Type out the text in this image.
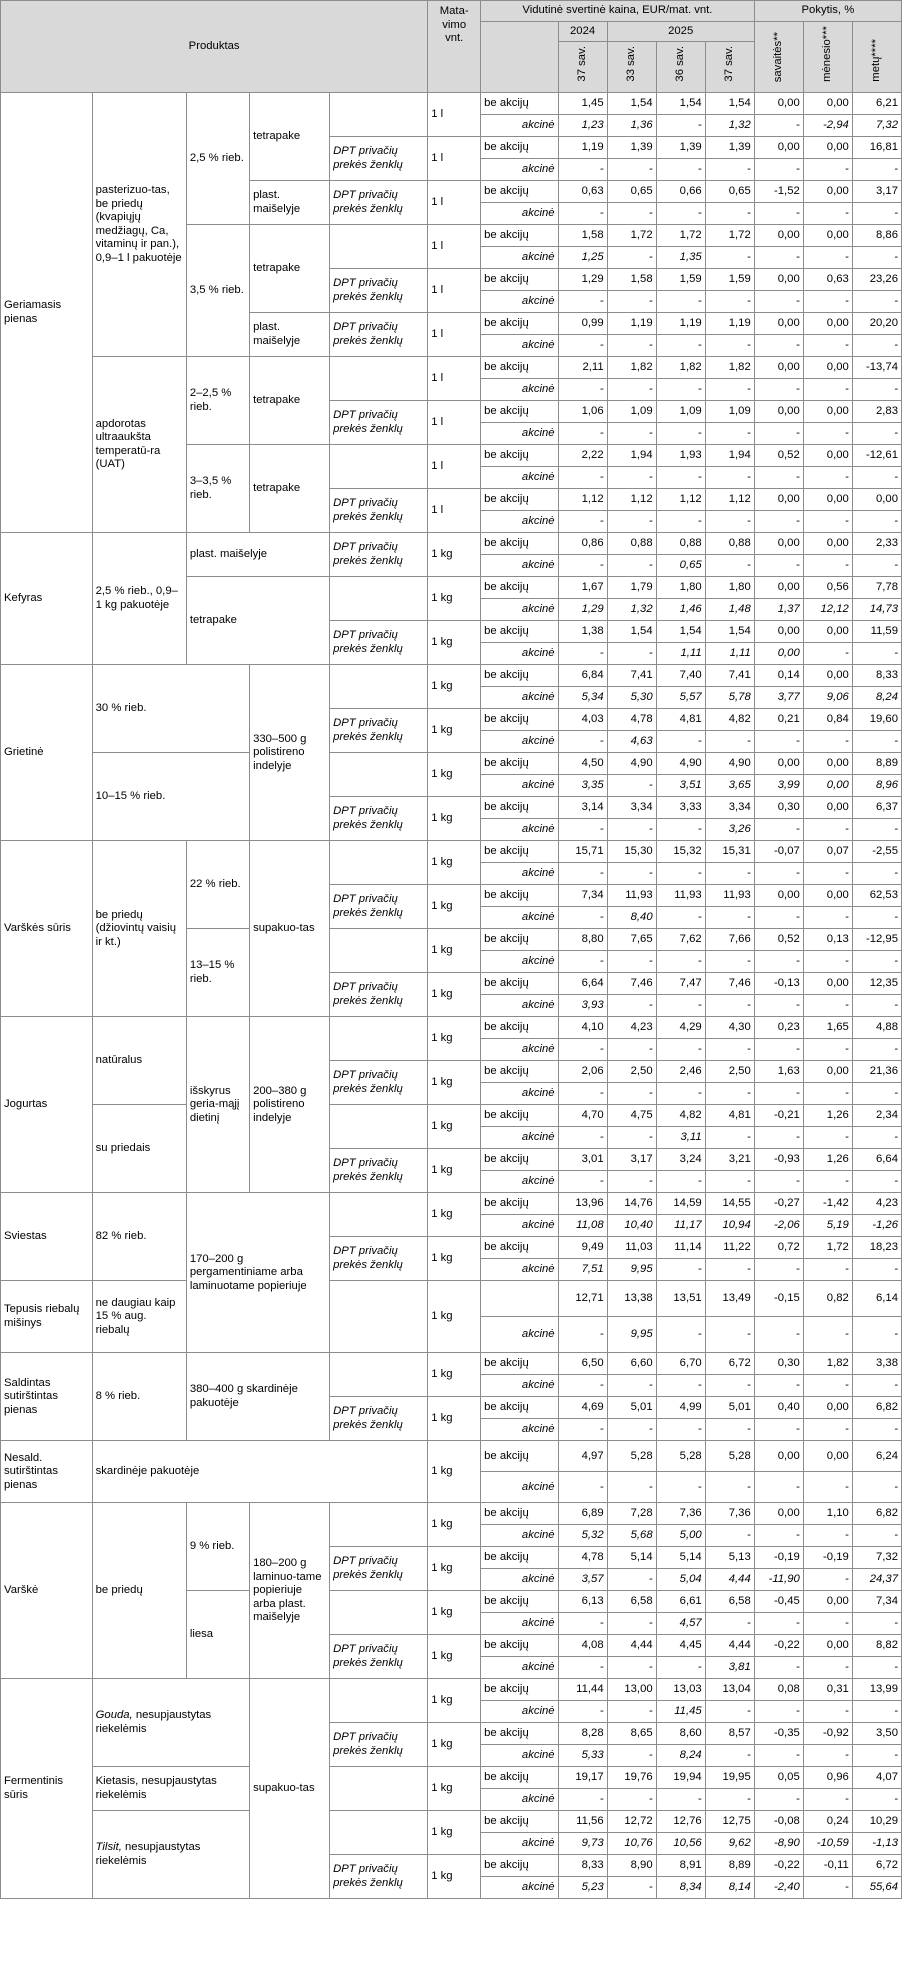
Produktas					Mata-
vimo
vnt.	Vidutinė svertinė kaina, EUR/mat. vnt.					Pokytis, %		
							2024	2025			savaitės**	mėnesio***	metų****
							37 sav.	33 sav.	36 sav.	37 sav.			
Geriamasis pienas	pasterizuo-tas, be priedų (kvapiųjų medžiagų, Ca, vitaminų ir pan.), 0,9–1 l pakuotėje	2,5 % rieb.	tetrapake		1 l	be akcijų	1,45	1,54	1,54	1,54	0,00	0,00	6,21
						akcinė	1,23	1,36	-	1,32	-	-2,94	7,32
				DPT privačių prekės ženklų	1 l	be akcijų	1,19	1,39	1,39	1,39	0,00	0,00	16,81
						akcinė	-	-	-	-	-	-	-
			plast. maišelyje	DPT privačių prekės ženklų	1 l	be akcijų	0,63	0,65	0,66	0,65	-1,52	0,00	3,17
						akcinė	-	-	-	-	-	-	-
		3,5 % rieb.	tetrapake		1 l	be akcijų	1,58	1,72	1,72	1,72	0,00	0,00	8,86
						akcinė	1,25	-	1,35	-	-	-	-
				DPT privačių prekės ženklų	1 l	be akcijų	1,29	1,58	1,59	1,59	0,00	0,63	23,26
						akcinė	-	-	-	-	-	-	-
			plast. maišelyje	DPT privačių prekės ženklų	1 l	be akcijų	0,99	1,19	1,19	1,19	0,00	0,00	20,20
						akcinė	-	-	-	-	-	-	-
	apdorotas ultraaukšta temperatū-ra (UAT)	2–2,5 % rieb.	tetrapake		1 l	be akcijų	2,11	1,82	1,82	1,82	0,00	0,00	-13,74
						akcinė	-	-	-	-	-	-	-
				DPT privačių prekės ženklų	1 l	be akcijų	1,06	1,09	1,09	1,09	0,00	0,00	2,83
						akcinė	-	-	-	-	-	-	-
		3–3,5 % rieb.	tetrapake		1 l	be akcijų	2,22	1,94	1,93	1,94	0,52	0,00	-12,61
						akcinė	-	-	-	-	-	-	-
				DPT privačių prekės ženklų	1 l	be akcijų	1,12	1,12	1,12	1,12	0,00	0,00	0,00
						akcinė	-	-	-	-	-	-	-
Kefyras	2,5 % rieb., 0,9–1 kg pakuotėje	plast. maišelyje		DPT privačių prekės ženklų	1 kg	be akcijų	0,86	0,88	0,88	0,88	0,00	0,00	2,33
						akcinė	-	-	0,65	-	-	-	-
		tetrapake			1 kg	be akcijų	1,67	1,79	1,80	1,80	0,00	0,56	7,78
						akcinė	1,29	1,32	1,46	1,48	1,37	12,12	14,73
				DPT privačių prekės ženklų	1 kg	be akcijų	1,38	1,54	1,54	1,54	0,00	0,00	11,59
						akcinė	-	-	1,11	1,11	0,00	-	-
Grietinė	30 % rieb.		330–500 g polistireno indelyje		1 kg	be akcijų	6,84	7,41	7,40	7,41	0,14	0,00	8,33
						akcinė	5,34	5,30	5,57	5,78	3,77	9,06	8,24
				DPT privačių prekės ženklų	1 kg	be akcijų	4,03	4,78	4,81	4,82	0,21	0,84	19,60
						akcinė	-	4,63	-	-	-	-	-
	10–15 % rieb.				1 kg	be akcijų	4,50	4,90	4,90	4,90	0,00	0,00	8,89
						akcinė	3,35	-	3,51	3,65	3,99	0,00	8,96
				DPT privačių prekės ženklų	1 kg	be akcijų	3,14	3,34	3,33	3,34	0,30	0,00	6,37
						akcinė	-	-	-	3,26	-	-	-
Varškės sūris	be priedų (džiovintų vaisių ir kt.)	22 % rieb.	supakuo-tas		1 kg	be akcijų	15,71	15,30	15,32	15,31	-0,07	0,07	-2,55
						akcinė	-	-	-	-	-	-	-
				DPT privačių prekės ženklų	1 kg	be akcijų	7,34	11,93	11,93	11,93	0,00	0,00	62,53
						akcinė	-	8,40	-	-	-	-	-
		13–15 % rieb.			1 kg	be akcijų	8,80	7,65	7,62	7,66	0,52	0,13	-12,95
						akcinė	-	-	-	-	-	-	-
				DPT privačių prekės ženklų	1 kg	be akcijų	6,64	7,46	7,47	7,46	-0,13	0,00	12,35
						akcinė	3,93	-	-	-	-	-	-
Jogurtas	natūralus	išskyrus geria-mąjį dietinį	200–380 g polistireno indelyje		1 kg	be akcijų	4,10	4,23	4,29	4,30	0,23	1,65	4,88
						akcinė	-	-	-	-	-	-	-
				DPT privačių prekės ženklų	1 kg	be akcijų	2,06	2,50	2,46	2,50	1,63	0,00	21,36
						akcinė	-	-	-	-	-	-	-
	su priedais				1 kg	be akcijų	4,70	4,75	4,82	4,81	-0,21	1,26	2,34
						akcinė	-	-	3,11	-	-	-	-
				DPT privačių prekės ženklų	1 kg	be akcijų	3,01	3,17	3,24	3,21	-0,93	1,26	6,64
						akcinė	-	-	-	-	-	-	-
Sviestas	82 % rieb.	170–200 g pergamentiniame arba laminuotame popieriuje			1 kg	be akcijų	13,96	14,76	14,59	14,55	-0,27	-1,42	4,23
						akcinė	11,08	10,40	11,17	10,94	-2,06	5,19	-1,26
				DPT privačių prekės ženklų	1 kg	be akcijų	9,49	11,03	11,14	11,22	0,72	1,72	18,23
						akcinė	7,51	9,95	-	-	-	-	-
Tepusis riebalų mišinys	ne daugiau kaip 15 % aug. riebalų				1 kg		12,71	13,38	13,51	13,49	-0,15	0,82	6,14
						akcinė	-	9,95	-	-	-	-	-
Saldintas sutirštintas pienas	8 % rieb.	380–400 g skardinėje pakuotėje			1 kg	be akcijų	6,50	6,60	6,70	6,72	0,30	1,82	3,38
						akcinė	-	-	-	-	-	-	-
				DPT privačių prekės ženklų	1 kg	be akcijų	4,69	5,01	4,99	5,01	0,40	0,00	6,82
						akcinė	-	-	-	-	-	-	-
Nesald. sutirštintas pienas	skardinėje pakuotėje				1 kg	be akcijų	4,97	5,28	5,28	5,28	0,00	0,00	6,24
						akcinė	-	-	-	-	-	-	-
Varškė	be priedų	9 % rieb.	180–200 g laminuo-tame popieriuje arba plast. maišelyje		1 kg	be akcijų	6,89	7,28	7,36	7,36	0,00	1,10	6,82
						akcinė	5,32	5,68	5,00	-	-	-	-
				DPT privačių prekės ženklų	1 kg	be akcijų	4,78	5,14	5,14	5,13	-0,19	-0,19	7,32
						akcinė	3,57	-	5,04	4,44	-11,90	-	24,37
		liesa			1 kg	be akcijų	6,13	6,58	6,61	6,58	-0,45	0,00	7,34
						akcinė	-	-	4,57	-	-	-	-
				DPT privačių prekės ženklų	1 kg	be akcijų	4,08	4,44	4,45	4,44	-0,22	0,00	8,82
						akcinė	-	-	-	3,81	-	-	-
Fermentinis sūris	Gouda, nesupjaustytas riekelėmis		supakuo-tas		1 kg	be akcijų	11,44	13,00	13,03	13,04	0,08	0,31	13,99
						akcinė	-	-	11,45	-	-	-	-
				DPT privačių prekės ženklų	1 kg	be akcijų	8,28	8,65	8,60	8,57	-0,35	-0,92	3,50
						akcinė	5,33	-	8,24	-	-	-	-
	Kietasis, nesupjaustytas riekelėmis				1 kg	be akcijų	19,17	19,76	19,94	19,95	0,05	0,96	4,07
						akcinė	-	-	-	-	-	-	-
	Tilsit, nesupjaustytas riekelėmis				1 kg	be akcijų	11,56	12,72	12,76	12,75	-0,08	0,24	10,29
						akcinė	9,73	10,76	10,56	9,62	-8,90	-10,59	-1,13
				DPT privačių prekės ženklų	1 kg	be akcijų	8,33	8,90	8,91	8,89	-0,22	-0,11	6,72
						akcinė	5,23	-	8,34	8,14	-2,40	-	55,64
